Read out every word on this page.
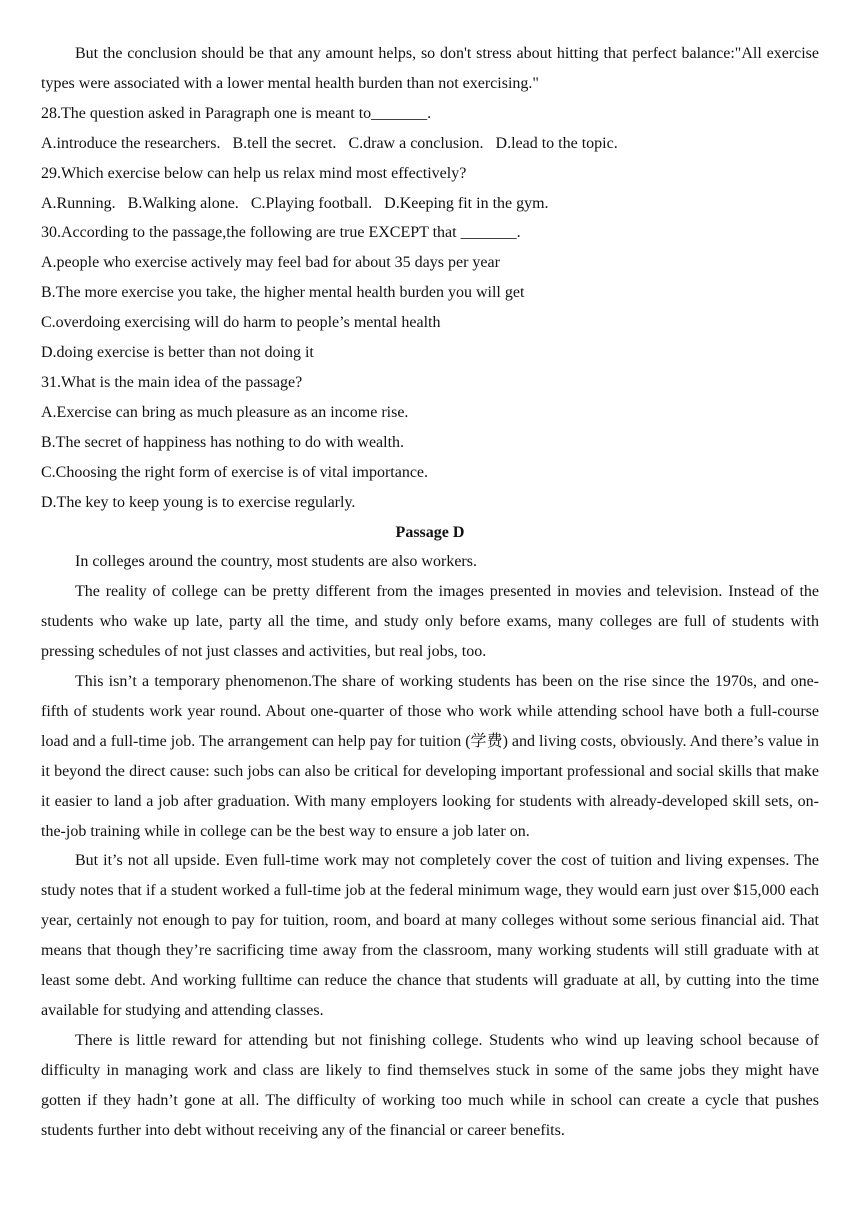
But the conclusion should be that any amount helps, so don't stress about hitting that perfect balance:"All exercise types were associated with a lower mental health burden than not exercising."

28.The question asked in Paragraph one is meant to_______.

A.introduce the researchers. B.tell the secret. C.draw a conclusion. D.lead to the topic.

29.Which exercise below can help us relax mind most effectively?

A.Running. B.Walking alone. C.Playing football. D.Keeping fit in the gym.

30.According to the passage,the following are true EXCEPT that _______.

A.people who exercise actively may feel bad for about 35 days per year

B.The more exercise you take, the higher mental health burden you will get

C.overdoing exercising will do harm to people’s mental health

D.doing exercise is better than not doing it

31.What is the main idea of the passage?

A.Exercise can bring as much pleasure as an income rise.

B.The secret of happiness has nothing to do with wealth.

C.Choosing the right form of exercise is of vital importance.

D.The key to keep young is to exercise regularly.

Passage D

In colleges around the country, most students are also workers.

The reality of college can be pretty different from the images presented in movies and television. Instead of the students who wake up late, party all the time, and study only before exams, many colleges are full of students with pressing schedules of not just classes and activities, but real jobs, too.

This isn’t a temporary phenomenon.The share of working students has been on the rise since the 1970s, and one-fifth of students work year round. About one-quarter of those who work while attending school have both a full-course load and a full-time job. The arrangement can help pay for tuition (学费) and living costs, obviously. And there’s value in it beyond the direct cause: such jobs can also be critical for developing important professional and social skills that make it easier to land a job after graduation. With many employers looking for students with already-developed skill sets, on-the-job training while in college can be the best way to ensure a job later on.

But it’s not all upside. Even full-time work may not completely cover the cost of tuition and living expenses. The study notes that if a student worked a full-time job at the federal minimum wage, they would earn just over $15,000 each year, certainly not enough to pay for tuition, room, and board at many colleges without some serious financial aid. That means that though they’re sacrificing time away from the classroom, many working students will still graduate with at least some debt. And working fulltime can reduce the chance that students will graduate at all, by cutting into the time available for studying and attending classes.

There is little reward for attending but not finishing college. Students who wind up leaving school because of difficulty in managing work and class are likely to find themselves stuck in some of the same jobs they might have gotten if they hadn’t gone at all. The difficulty of working too much while in school can create a cycle that pushes students further into debt without receiving any of the financial or career benefits.
